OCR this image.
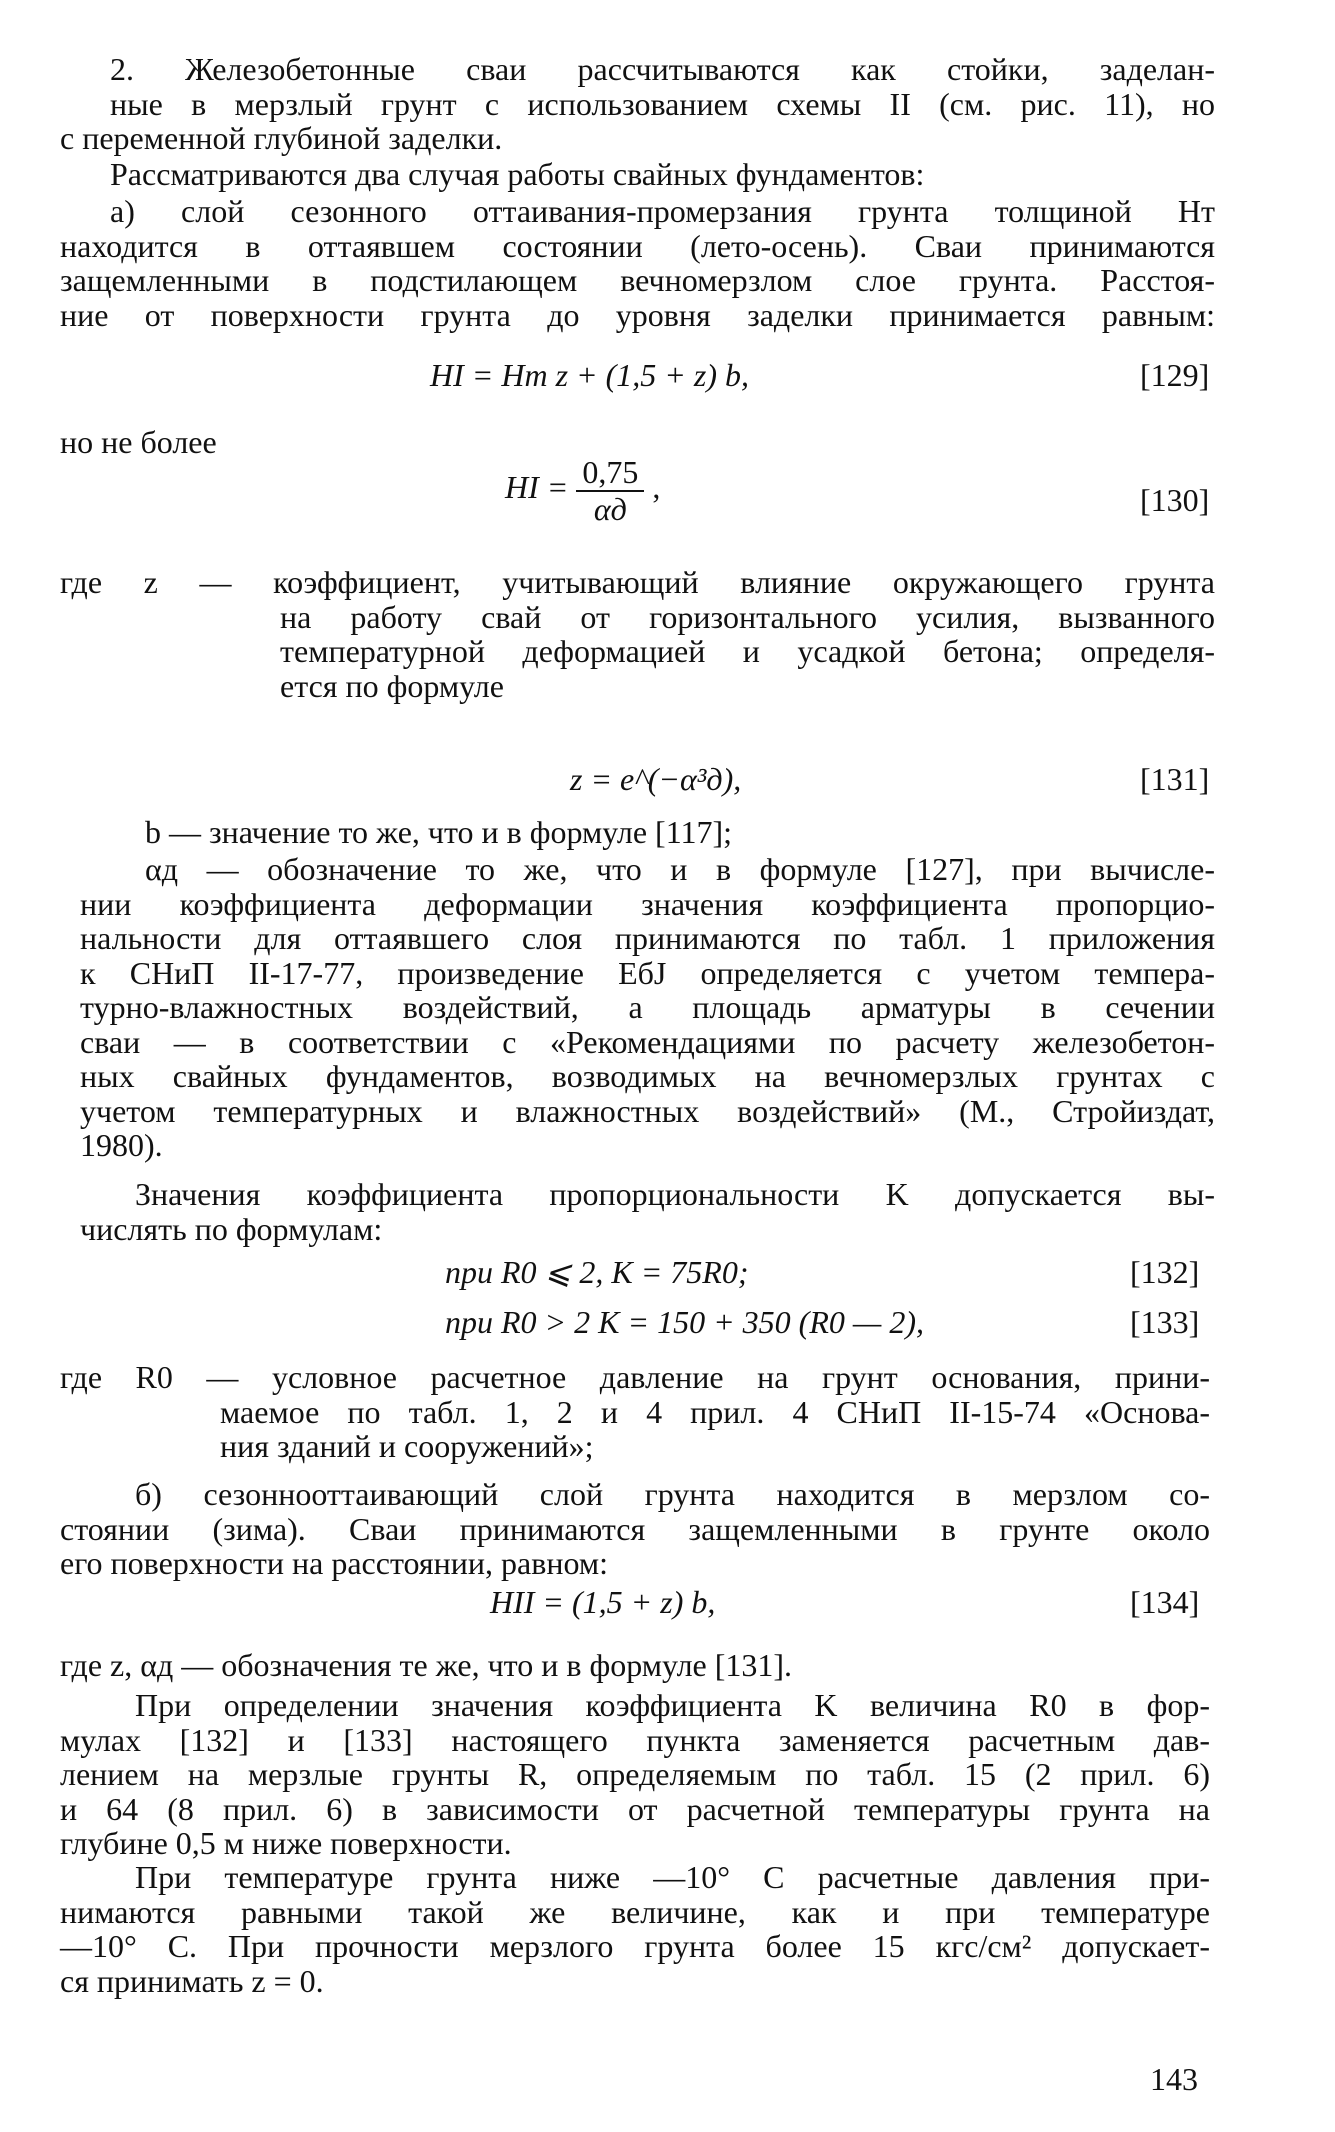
2. Железобетонные сваи рассчитываются как стойки, заделан-
ные в мерзлый грунт с использованием схемы II (см. рис. 11), но
с переменной глубиной заделки.
Рассматриваются два случая работы свайных фундаментов:
а) слой сезонного оттаивания-промерзания грунта толщиной Hт
находится в оттаявшем состоянии (лето-осень). Сваи принимаются
защемленными в подстилающем вечномерзлом слое грунта. Расстоя-
ние от поверхности грунта до уровня заделки принимается равным:
HI = Hт z + (1,5 + z) b,	[129]
но не более
HI = $\frac{0,75}{\alpha д}$ ,	[130]
где z — коэффициент, учитывающий влияние окружающего грунта
на работу свай от горизонтального усилия, вызванного
температурной деформацией и усадкой бетона; определя-
ется по формуле
z = e^(−α³д),	[131]
b — значение то же, что и в формуле [117];
αд — обозначение то же, что и в формуле [127], при вычисле-
нии коэффициента деформации значения коэффициента пропорцио-
нальности для оттаявшего слоя принимаются по табл. 1 приложения
к СНиП II-17-77, произведение EбJ определяется с учетом темпера-
турно-влажностных воздействий, а площадь арматуры в сечении
сваи — в соответствии с «Рекомендациями по расчету железобетон-
ных свайных фундаментов, возводимых на вечномерзлых грунтах с
учетом температурных и влажностных воздействий» (М., Стройиздат,
1980).
Значения коэффициента пропорциональности K допускается вы-
числять по формулам:
при R0 ⩽ 2, K = 75R0;	[132]
при R0 > 2 K = 150 + 350 (R0 — 2),	[133]
где R0 — условное расчетное давление на грунт основания, прини-
маемое по табл. 1, 2 и 4 прил. 4 СНиП II-15-74 «Основа-
ния зданий и сооружений»;
б) сезоннооттаивающий слой грунта находится в мерзлом со-
стоянии (зима). Сваи принимаются защемленными в грунте около
его поверхности на расстоянии, равном:
HII = (1,5 + z) b,	[134]
где z, αд — обозначения те же, что и в формуле [131].
При определении значения коэффициента K величина R0 в фор-
мулах [132] и [133] настоящего пункта заменяется расчетным дав-
лением на мерзлые грунты R, определяемым по табл. 15 (2 прил. 6)
и 64 (8 прил. 6) в зависимости от расчетной температуры грунта на
глубине 0,5 м ниже поверхности.
При температуре грунта ниже —10° С расчетные давления при-
нимаются равными такой же величине, как и при температуре
—10° С. При прочности мерзлого грунта более 15 кгс/см² допускает-
ся принимать z = 0.
143
